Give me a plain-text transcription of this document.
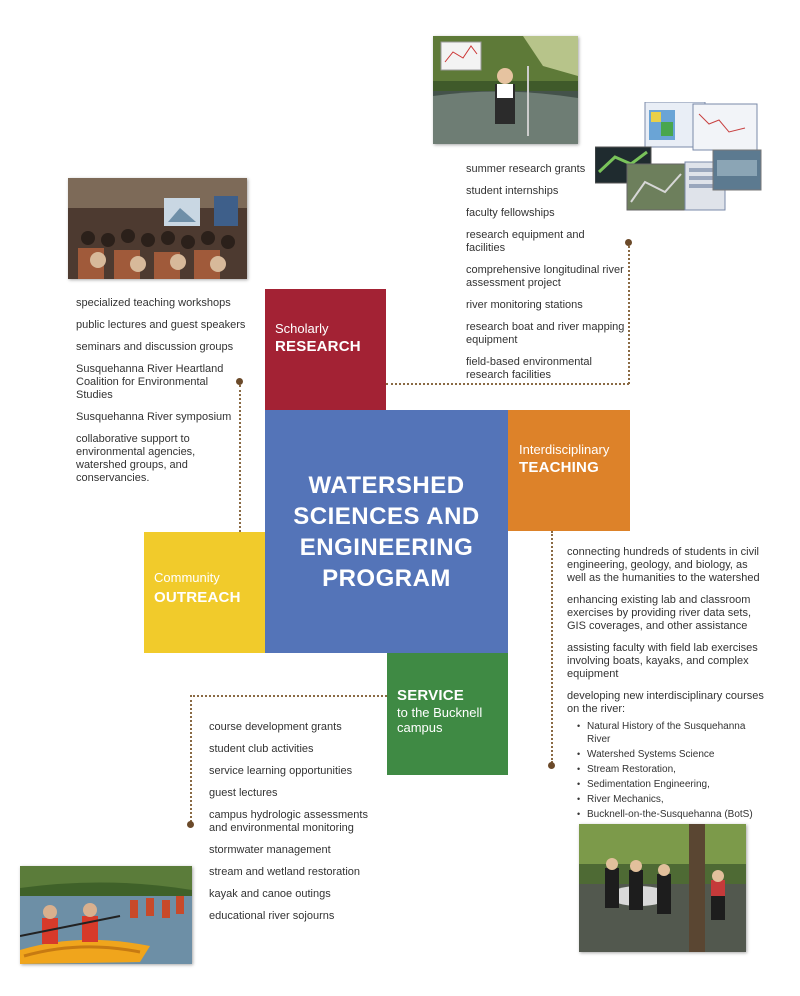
Scholarly
RESEARCH
Interdisciplinary
TEACHING
Community
OUTREACH
SERVICE
to the Bucknell
campus
WATERSHED
SCIENCES AND
ENGINEERING
PROGRAM
summer research grants
student internships
faculty fellowships
research equipment and facilities
comprehensive longitudinal river assessment project
river monitoring stations
research boat and river mapping equipment
field-based environmental research facilities
specialized teaching workshops
public lectures and guest speakers
seminars and discussion groups
Susquehanna River Heartland Coalition for Environmental Studies
Susquehanna River symposium
collaborative support to environmental agencies, watershed groups, and conservancies.
connecting hundreds of students in civil engineering, geology, and biology, as well as the humanities to the watershed
enhancing existing lab and classroom exercises by providing river data sets, GIS coverages, and other assistance
assisting faculty with field lab exercises involving boats, kayaks, and complex equipment
developing new interdisciplinary courses on the river:
• Natural History of the Susquehanna River
• Watershed Systems Science
• Stream Restoration,
• Sedimentation Engineering,
• River Mechanics,
• Bucknell-on-the-Susquehanna (BotS)
course development grants
student club activities
service learning opportunities
guest lectures
campus hydrologic assessments and environmental monitoring
stormwater management
stream and wetland restoration
kayak and canoe outings
educational river sojourns
